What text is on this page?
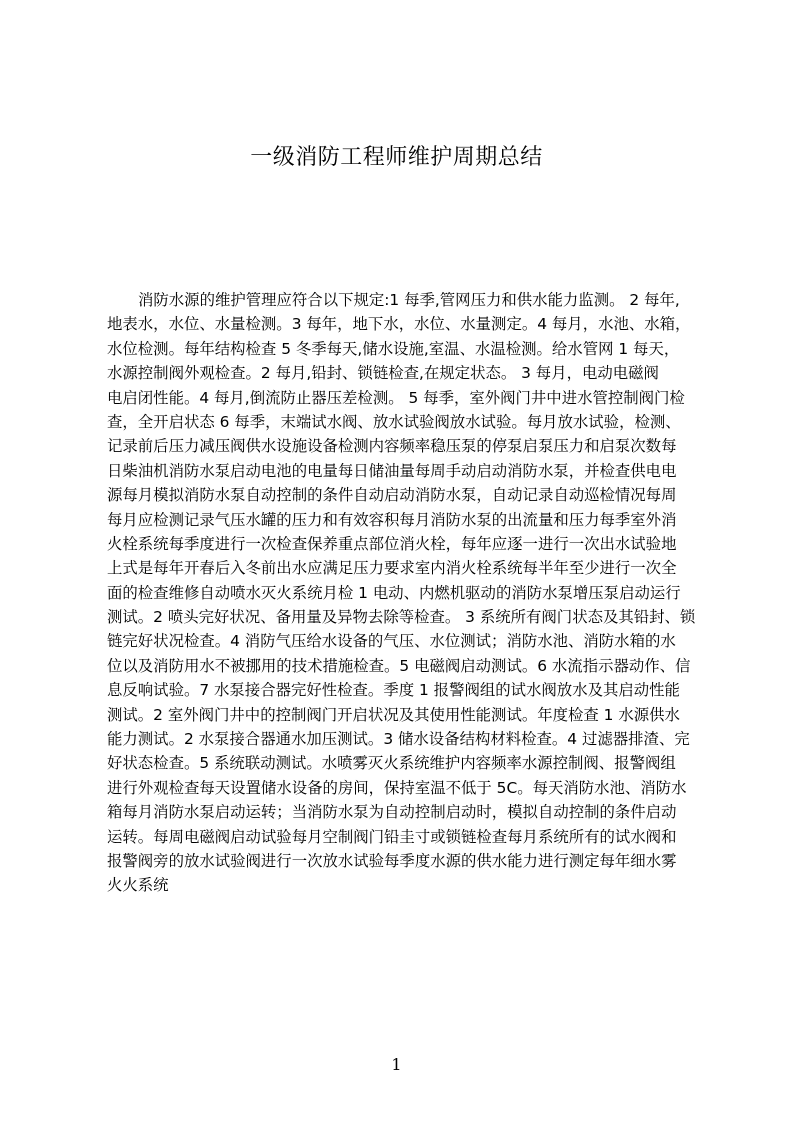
一级消防工程师维护周期总结
消防水源的维护管理应符合以下规定:1 每季,管网压力和供水能力监测。 2 每年,
地表水，水位、水量检测。3 每年，地下水，水位、水量测定。4 每月，水池、水箱，
水位检测。每年结构检查 5 冬季每天,储水设施,室温、水温检测。给水管网 1 每天，
水源控制阀外观检查。2 每月,铅封、锁链检查,在规定状态。 3 每月，电动电磁阀
电启闭性能。4 每月,倒流防止器压差检测。 5 每季，室外阀门井中进水管控制阀门检
查，全开启状态 6 每季，末端试水阀、放水试验阀放水试验。每月放水试验，检测、
记录前后压力减压阀供水设施设备检测内容频率稳压泵的停泵启泵压力和启泵次数每
日柴油机消防水泵启动电池的电量每日储油量每周手动启动消防水泵，并检查供电电
源每月模拟消防水泵自动控制的条件自动启动消防水泵，自动记录自动巡检情况每周
每月应检测记录气压水罐的压力和有效容积每月消防水泵的出流量和压力每季室外消
火栓系统每季度进行一次检查保养重点部位消火栓，每年应逐一进行一次出水试验地
上式是每年开春后入冬前出水应满足压力要求室内消火栓系统每半年至少进行一次全
面的检查维修自动喷水灭火系统月检 1 电动、内燃机驱动的消防水泵增压泵启动运行
测试。2 喷头完好状况、备用量及异物去除等检查。 3 系统所有阀门状态及其铅封、锁
链完好状况检查。4 消防气压给水设备的气压、水位测试；消防水池、消防水箱的水
位以及消防用水不被挪用的技术措施检查。5 电磁阀启动测试。6 水流指示器动作、信
息反响试验。7 水泵接合器完好性检查。季度 1 报警阀组的试水阀放水及其启动性能
测试。2 室外阀门井中的控制阀门开启状况及其使用性能测试。年度检查 1 水源供水
能力测试。2 水泵接合器通水加压测试。3 储水设备结构材料检查。4 过滤器排渣、完
好状态检查。5 系统联动测试。水喷雾灭火系统维护内容频率水源控制阀、报警阀组
进行外观检查每天设置储水设备的房间，保持室温不低于 5C。每天消防水池、消防水
箱每月消防水泵启动运转；当消防水泵为自动控制启动时，模拟自动控制的条件启动
运转。每周电磁阀启动试验每月空制阀门铅圭寸或锁链检查每月系统所有的试水阀和
报警阀旁的放水试验阀进行一次放水试验每季度水源的供水能力进行测定每年细水雾
火火系统
1
